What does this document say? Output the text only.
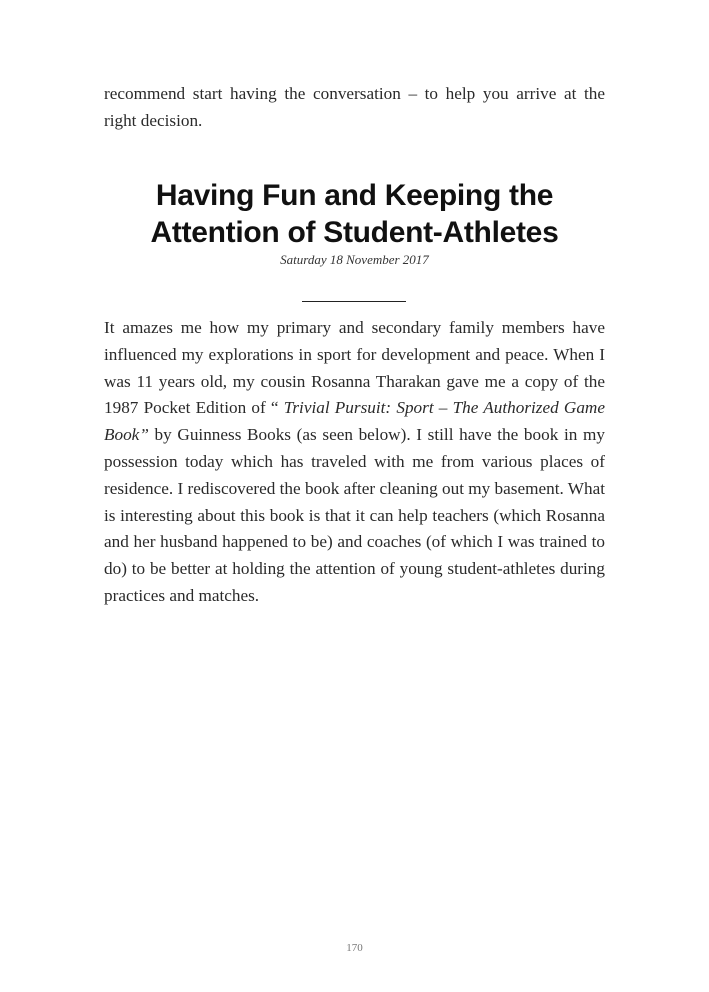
recommend start having the conversation – to help you arrive at the right decision.

Having Fun and Keeping the
Attention of Student-Athletes

Saturday 18 November 2017

It amazes me how my primary and secondary family members have influenced my explorations in sport for development and peace. When I was 11 years old, my cousin Rosanna Tharakan gave me a copy of the 1987 Pocket Edition of “ Trivial Pursuit: Sport – The Authorized Game Book” by Guinness Books (as seen below). I still have the book in my possession today which has traveled with me from various places of residence. I rediscovered the book after cleaning out my basement. What is interesting about this book is that it can help teachers (which Rosanna and her husband happened to be) and coaches (of which I was trained to do) to be better at holding the attention of young student-athletes during practices and matches.

170
